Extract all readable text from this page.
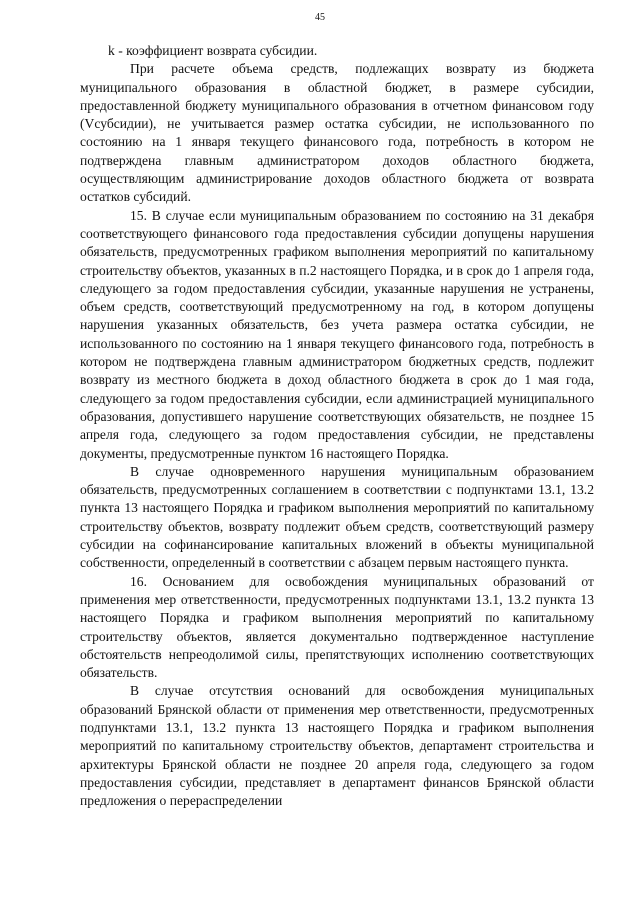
45

k - коэффициент возврата субсидии.

При расчете объема средств, подлежащих возврату из бюджета муниципального образования в областной бюджет, в размере субсидии, предоставленной бюджету муниципального образования в отчетном финансовом году (Vсубсидии), не учитывается размер остатка субсидии, не использованного по состоянию на 1 января текущего финансового года, потребность в котором не подтверждена главным администратором доходов областного бюджета, осуществляющим администрирование доходов областного бюджета от возврата остатков субсидий.

15. В случае если муниципальным образованием по состоянию на 31 декабря соответствующего финансового года предоставления субсидии допущены нарушения обязательств, предусмотренных графиком выполнения мероприятий по капитальному строительству объектов, указанных в п.2 настоящего Порядка, и в срок до 1 апреля года, следующего за годом предоставления субсидии, указанные нарушения не устранены, объем средств, соответствующий предусмотренному на год, в котором допущены нарушения указанных обязательств, без учета размера остатка субсидии, не использованного по состоянию на 1 января текущего финансового года, потребность в котором не подтверждена главным администратором бюджетных средств, подлежит возврату из местного бюджета в доход областного бюджета в срок до 1 мая года, следующего за годом предоставления субсидии, если администрацией муниципального образования, допустившего нарушение соответствующих обязательств, не позднее 15 апреля года, следующего за годом предоставления субсидии, не представлены документы, предусмотренные пунктом 16 настоящего Порядка.

В случае одновременного нарушения муниципальным образованием обязательств, предусмотренных соглашением в соответствии с подпунктами 13.1, 13.2 пункта 13 настоящего Порядка и графиком выполнения мероприятий по капитальному строительству объектов, возврату подлежит объем средств, соответствующий размеру субсидии на софинансирование капитальных вложений в объекты муниципальной собственности, определенный в соответствии с абзацем первым настоящего пункта.

16. Основанием для освобождения муниципальных образований от применения мер ответственности, предусмотренных подпунктами 13.1, 13.2 пункта 13 настоящего Порядка и графиком выполнения мероприятий по капитальному строительству объектов, является документально подтвержденное наступление обстоятельств непреодолимой силы, препятствующих исполнению соответствующих обязательств.

В случае отсутствия оснований для освобождения муниципальных образований Брянской области от применения мер ответственности, предусмотренных подпунктами 13.1, 13.2 пункта 13 настоящего Порядка и графиком выполнения мероприятий по капитальному строительству объектов, департамент строительства и архитектуры Брянской области не позднее 20 апреля года, следующего за годом предоставления субсидии, представляет в департамент финансов Брянской области предложения о перераспределении
